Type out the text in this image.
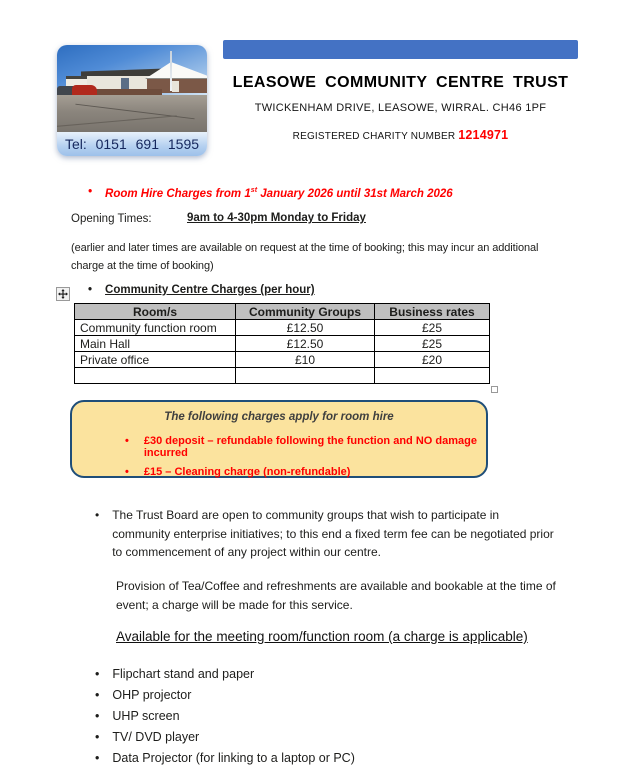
Tel: 0151 691 1595
LEASOWE COMMUNITY CENTRE TRUST
TWICKENHAM DRIVE, LEASOWE, WIRRAL. CH46 1PF
REGISTERED CHARITY NUMBER 1214971
• Room Hire Charges from 1st January 2026 until 31st March 2026
Opening Times:	9am to 4-30pm Monday to Friday
(earlier and later times are available on request at the time of booking; this may incur an additional charge at the time of booking)
• Community Centre Charges (per hour)
Room/s	Community Groups	Business rates
Community function room	£12.50	£25
Main Hall	£12.50	£25
Private office	£10	£20

The following charges apply for room hire
• £30 deposit – refundable following the function and NO damage incurred
• £15 – Cleaning charge (non-refundable)
• The Trust Board are open to community groups that wish to participate in community enterprise initiatives; to this end a fixed term fee can be negotiated prior to commencement of any project within our centre.
Provision of Tea/Coffee and refreshments are available and bookable at the time of event; a charge will be made for this service.
Available for the meeting room/function room (a charge is applicable)
• Flipchart stand and paper
• OHP projector
• UHP screen
• TV/ DVD player
• Data Projector (for linking to a laptop or PC)
